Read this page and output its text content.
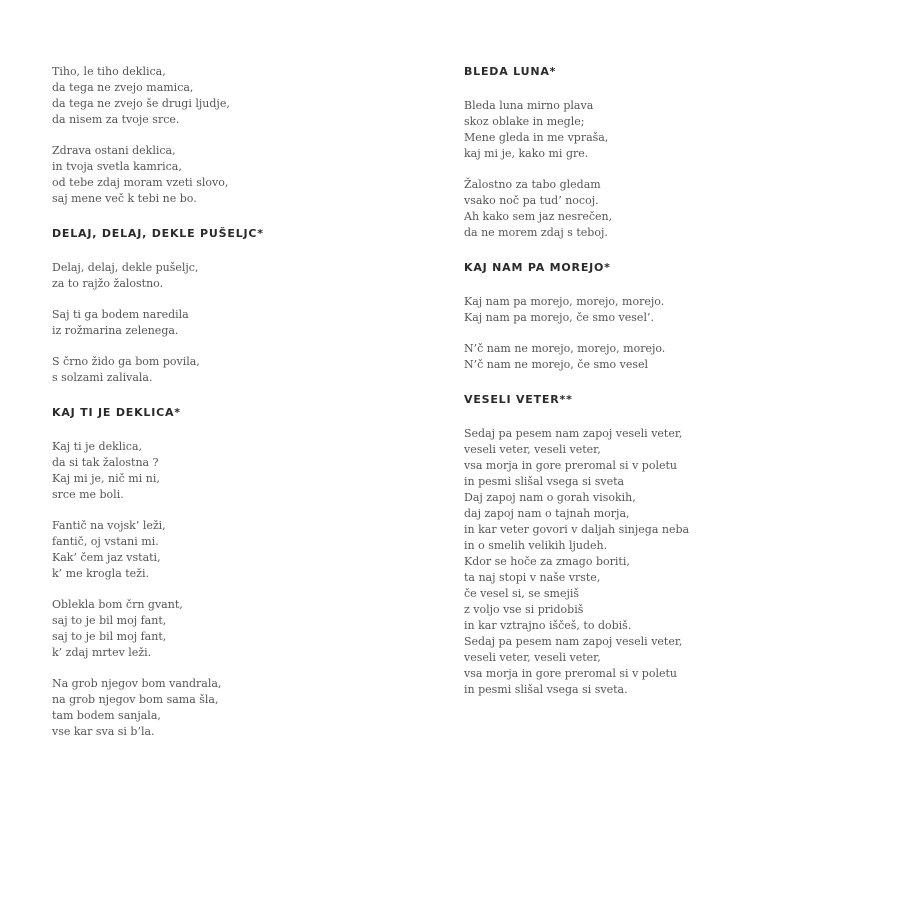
Tiho, le tiho deklica,
da tega ne zvejo mamica,
da tega ne zvejo še drugi ljudje,
da nisem za tvoje srce.
Zdrava ostani deklica,
in tvoja svetla kamrica,
od tebe zdaj moram vzeti slovo,
saj mene več k tebi ne bo.
DELAJ, DELAJ, DEKLE PUŠELJC*
Delaj, delaj, dekle pušeljc,
za to rajžo žalostno.
Saj ti ga bodem naredila
iz rožmarina zelenega.
S črno žido ga bom povila,
s solzami zalivala.
KAJ TI JE DEKLICA*
Kaj ti je deklica,
da si tak žalostna ?
Kaj mi je, nič mi ni,
srce me boli.
Fantič na vojsk’ leži,
fantič, oj vstani mi.
Kak’ čem jaz vstati,
k’ me krogla teži.
Oblekla bom črn gvant,
saj to je bil moj fant,
saj to je bil moj fant,
k’ zdaj mrtev leži.
Na grob njegov bom vandrala,
na grob njegov bom sama šla,
tam bodem sanjala,
vse kar sva si b’la.
BLEDA LUNA*
Bleda luna mirno plava
skoz oblake in megle;
Mene gleda in me vpraša,
kaj mi je, kako mi gre.
Žalostno za tabo gledam
vsako noč pa tud’ nocoj.
Ah kako sem jaz nesrečen,
da ne morem zdaj s teboj.
KAJ NAM PA MOREJO*
Kaj nam pa morejo, morejo, morejo.
Kaj nam pa morejo, če smo vesel’.
N’č nam ne morejo, morejo, morejo.
N’č nam ne morejo, če smo vesel
VESELI VETER**
Sedaj pa pesem nam zapoj veseli veter,
veseli veter, veseli veter,
vsa morja in gore preromal si v poletu
in pesmi slišal vsega si sveta
Daj zapoj nam o gorah visokih,
daj zapoj nam o tajnah morja,
in kar veter govori v daljah sinjega neba
in o smelih velikih ljudeh.
Kdor se hoče za zmago boriti,
ta naj stopi v naše vrste,
če vesel si, se smejiš
z voljo vse si pridobiš
in kar vztrajno iščeš, to dobiš.
Sedaj pa pesem nam zapoj veseli veter,
veseli veter, veseli veter,
vsa morja in gore preromal si v poletu
in pesmi slišal vsega si sveta.
